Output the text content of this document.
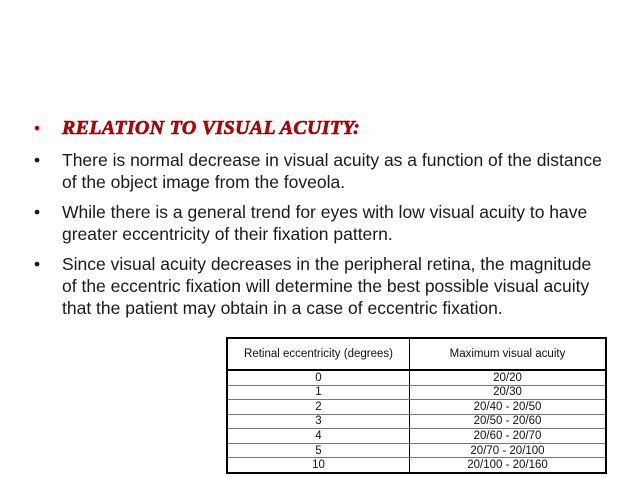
•	RELATION TO VISUAL ACUITY:
•	There is normal decrease in visual acuity as a function of the distance of the object image from the foveola.
•	While there is a general trend for eyes with low visual acuity to have greater eccentricity of their fixation pattern.
•	Since visual acuity decreases in the peripheral retina, the magnitude of the eccentric fixation will determine the best possible visual acuity that the patient may obtain in a case of eccentric fixation.
Retinal eccentricity (degrees)	Maximum visual acuity
0	20/20
1	20/30
2	20/40 - 20/50
3	20/50 - 20/60
4	20/60 - 20/70
5	20/70 - 20/100
10	20/100 - 20/160
